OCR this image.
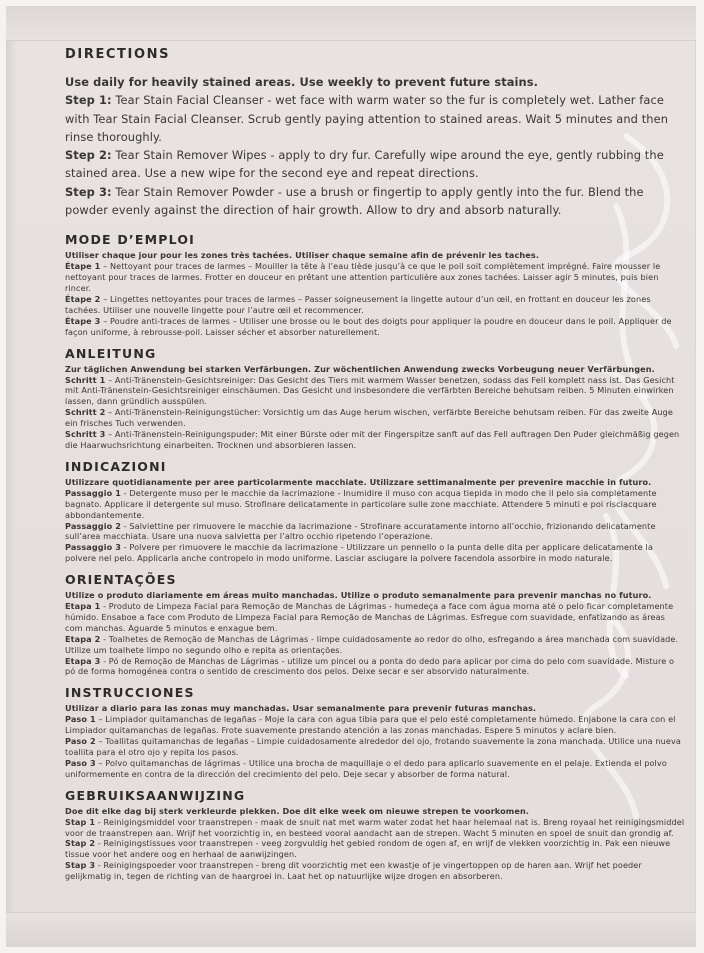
DIRECTIONS

Use daily for heavily stained areas. Use weekly to prevent future stains.
Step 1: Tear Stain Facial Cleanser - wet face with warm water so the fur is completely wet. Lather face with Tear Stain Facial Cleanser. Scrub gently paying attention to stained areas. Wait 5 minutes and then rinse thoroughly.
Step 2: Tear Stain Remover Wipes - apply to dry fur. Carefully wipe around the eye, gently rubbing the stained area. Use a new wipe for the second eye and repeat directions.
Step 3: Tear Stain Remover Powder - use a brush or fingertip to apply gently into the fur. Blend the powder evenly against the direction of hair growth. Allow to dry and absorb naturally.

MODE D’EMPLOI

Utiliser chaque jour pour les zones très tachées. Utiliser chaque semaine afin de prévenir les taches.
Étape 1 – Nettoyant pour traces de larmes – Mouiller la tête à l’eau tiède jusqu’à ce que le poil soit complètement imprégné. Faire mousser le nettoyant pour traces de larmes. Frotter en douceur en prêtant une attention particulière aux zones tachées. Laisser agir 5 minutes, puis bien rincer.
Étape 2 – Lingettes nettoyantes pour traces de larmes – Passer soigneusement la lingette autour d’un œil, en frottant en douceur les zones tachées. Utiliser une nouvelle lingette pour l’autre œil et recommencer.
Étape 3 – Poudre anti-traces de larmes – Utiliser une brosse ou le bout des doigts pour appliquer la poudre en douceur dans le poil. Appliquer de façon uniforme, à rebrousse-poil. Laisser sécher et absorber naturellement.

ANLEITUNG

Zur täglichen Anwendung bei starken Verfärbungen. Zur wöchentlichen Anwendung zwecks Vorbeugung neuer Verfärbungen.
Schritt 1 – Anti-Tränenstein-Gesichtsreiniger: Das Gesicht des Tiers mit warmem Wasser benetzen, sodass das Fell komplett nass ist. Das Gesicht mit Anti-Tränenstein-Gesichtsreiniger einschäumen. Das Gesicht und insbesondere die verfärbten Bereiche behutsam reiben. 5 Minuten einwirken lassen, dann gründlich ausspülen.
Schritt 2 – Anti-Tränenstein-Reinigungstücher: Vorsichtig um das Auge herum wischen, verfärbte Bereiche behutsam reiben. Für das zweite Auge ein frisches Tuch verwenden.
Schritt 3 – Anti-Tränenstein-Reinigungspuder: Mit einer Bürste oder mit der Fingerspitze sanft auf das Fell auftragen Den Puder gleichmäßig gegen die Haarwuchsrichtung einarbeiten. Trocknen und absorbieren lassen.

INDICAZIONI

Utilizzare quotidianamente per aree particolarmente macchiate. Utilizzare settimanalmente per prevenire macchie in futuro.
Passaggio 1 - Detergente muso per le macchie da lacrimazione - Inumidire il muso con acqua tiepida in modo che il pelo sia completamente bagnato. Applicare il detergente sul muso. Strofinare delicatamente in particolare sulle zone macchiate. Attendere 5 minuti e poi risciacquare abbondantemente.
Passaggio 2 - Salviettine per rimuovere le macchie da lacrimazione - Strofinare accuratamente intorno all’occhio, frizionando delicatamente sull’area macchiata. Usare una nuova salvietta per l’altro occhio ripetendo l’operazione.
Passaggio 3 - Polvere per rimuovere le macchie da lacrimazione - Utilizzare un pennello o la punta delle dita per applicare delicatamente la polvere nel pelo. Applicarla anche contropelo in modo uniforme. Lasciar asciugare la polvere facendola assorbire in modo naturale.

ORIENTAÇÕES

Utilize o produto diariamente em áreas muito manchadas. Utilize o produto semanalmente para prevenir manchas no futuro.
Etapa 1 - Produto de Limpeza Facial para Remoção de Manchas de Lágrimas - humedeça a face com água morna até o pelo ficar completamente húmido. Ensaboe a face com Produto de Limpeza Facial para Remoção de Manchas de Lágrimas. Esfregue com suavidade, enfatizando as áreas com manchas. Aguarde 5 minutos e enxague bem.
Etapa 2 - Toalhetes de Remoção de Manchas de Lágrimas - limpe cuidadosamente ao redor do olho, esfregando a área manchada com suavidade. Utilize um toalhete limpo no segundo olho e repita as orientações.
Etapa 3 - Pó de Remoção de Manchas de Lágrimas - utilize um pincel ou a ponta do dedo para aplicar por cima do pelo com suavidade. Misture o pó de forma homogénea contra o sentido de crescimento dos pelos. Deixe secar e ser absorvido naturalmente.

INSTRUCCIONES

Utilizar a diario para las zonas muy manchadas. Usar semanalmente para prevenir futuras manchas.
Paso 1 – Limpiador quitamanchas de legañas - Moje la cara con agua tibia para que el pelo esté completamente húmedo. Enjabone la cara con el Limpiador quitamanchas de legañas. Frote suavemente prestando atención a las zonas manchadas. Espere 5 minutos y aclare bien.
Paso 2 – Toallitas quitamanchas de legañas - Limpie cuidadosamente alrededor del ojo, frotando suavemente la zona manchada. Utilice una nueva toallita para el otro ojo y repita los pasos.
Paso 3 – Polvo quitamanchas de lágrimas - Utilice una brocha de maquillaje o el dedo para aplicarlo suavemente en el pelaje. Extienda el polvo uniformemente en contra de la dirección del crecimiento del pelo. Deje secar y absorber de forma natural.

GEBRUIKSAANWIJZING

Doe dit elke dag bij sterk verkleurde plekken. Doe dit elke week om nieuwe strepen te voorkomen.
Stap 1 - Reinigingsmiddel voor traanstrepen - maak de snuit nat met warm water zodat het haar helemaal nat is. Breng royaal het reinigingsmiddel voor de traanstrepen aan. Wrijf het voorzichtig in, en besteed vooral aandacht aan de strepen. Wacht 5 minuten en spoel de snuit dan grondig af.
Stap 2 - Reinigingstissues voor traanstrepen - veeg zorgvuldig het gebied rondom de ogen af, en wrijf de vlekken voorzichtig in. Pak een nieuwe tissue voor het andere oog en herhaal de aanwijzingen.
Stap 3 - Reinigingspoeder voor traanstrepen - breng dit voorzichtig met een kwastje of je vingertoppen op de haren aan. Wrijf het poeder gelijkmatig in, tegen de richting van de haargroei in. Laat het op natuurlijke wijze drogen en absorberen.
